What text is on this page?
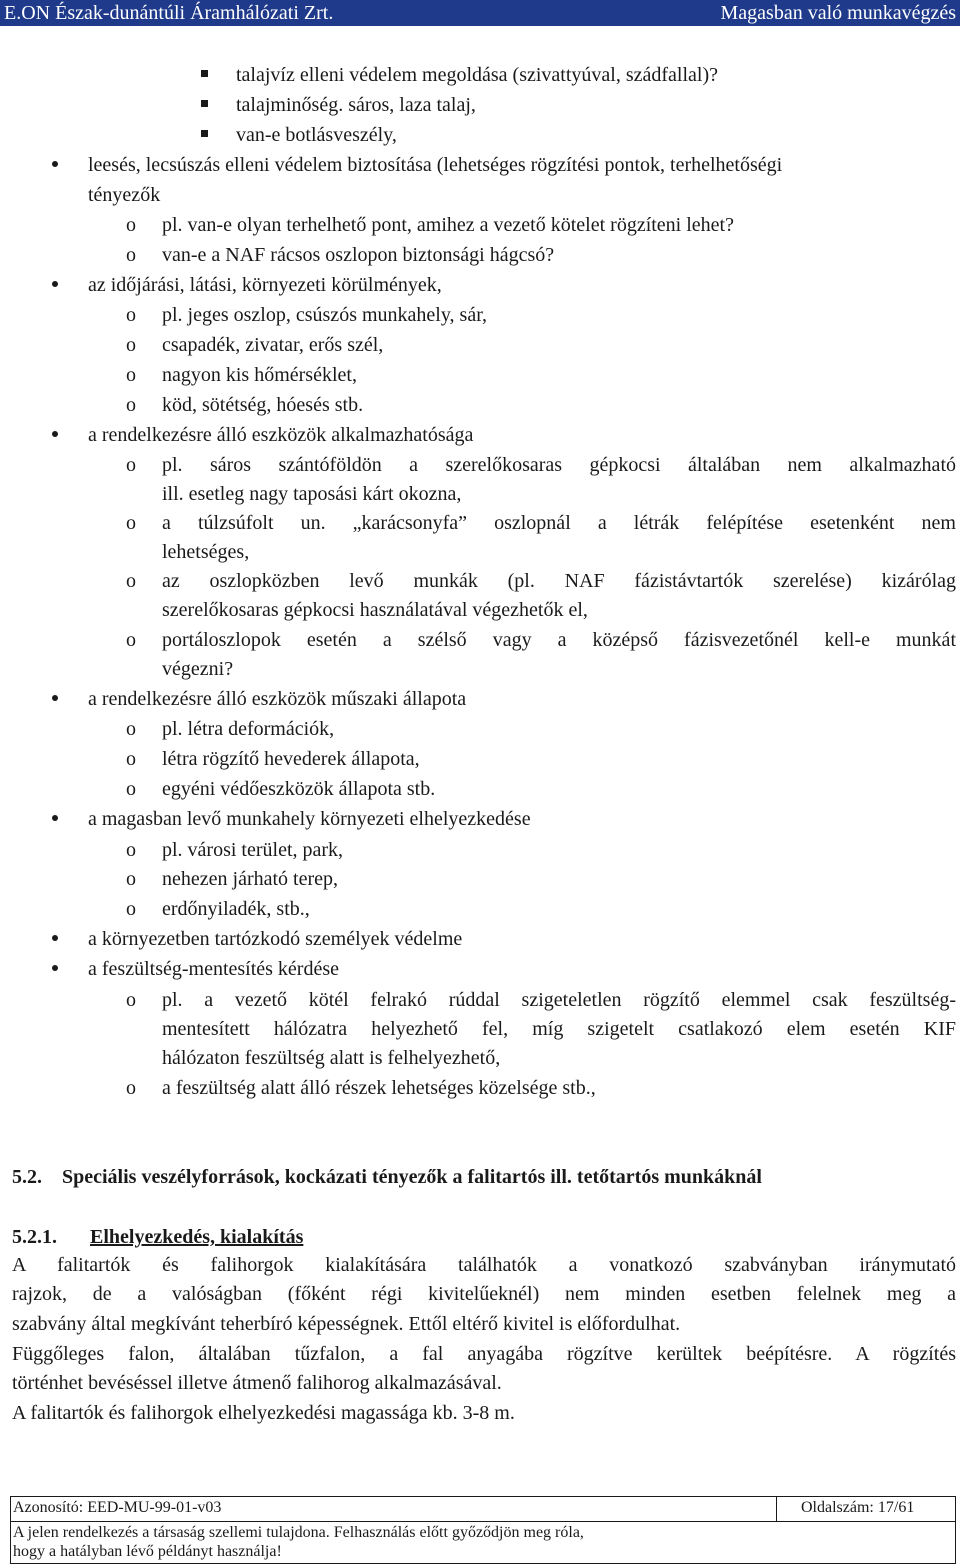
E.ON Észak-dunántúli Áramhálózati Zrt.	Magasban való munkavégzés
talajvíz elleni védelem megoldása (szivattyúval, szádfallal)?
talajminőség. sáros, laza talaj,
van-e botlásveszély,
leesés, lecsúszás elleni védelem biztosítása (lehetséges rögzítési pontok, terhelhetőségi
tényezők
o pl. van-e olyan terhelhető pont, amihez a vezető kötelet rögzíteni lehet?
o van-e a NAF rácsos oszlopon biztonsági hágcsó?
az időjárási, látási, környezeti körülmények,
o pl. jeges oszlop, csúszós munkahely, sár,
o csapadék, zivatar, erős szél,
o nagyon kis hőmérséklet,
o köd, sötétség, hóesés stb.
a rendelkezésre álló eszközök alkalmazhatósága
o pl. sáros szántóföldön a szerelőkosaras gépkocsi általában nem alkalmazható
ill. esetleg nagy taposási kárt okozna,
o a túlzsúfolt un. „karácsonyfa” oszlopnál a létrák felépítése esetenként nem
lehetséges,
o az oszlopközben levő munkák (pl. NAF fázistávtartók szerelése) kizárólag
szerelőkosaras gépkocsi használatával végezhetők el,
o portáloszlopok esetén a szélső vagy a középső fázisvezetőnél kell-e munkát
végezni?
a rendelkezésre álló eszközök műszaki állapota
o pl. létra deformációk,
o létra rögzítő hevederek állapota,
o egyéni védőeszközök állapota stb.
a magasban levő munkahely környezeti elhelyezkedése
o pl. városi terület, park,
o nehezen járható terep,
o erdőnyiladék, stb.,
a környezetben tartózkodó személyek védelme
a feszültség-mentesítés kérdése
o pl. a vezető kötél felrakó rúddal szigeteletlen rögzítő elemmel csak feszültség-
mentesített hálózatra helyezhető fel, míg szigetelt csatlakozó elem esetén KIF
hálózaton feszültség alatt is felhelyezhető,
o a feszültség alatt álló részek lehetséges közelsége stb.,
5.2. Speciális veszélyforrások, kockázati tényezők a falitartós ill. tetőtartós munkáknál
5.2.1. Elhelyezkedés, kialakítás
A falitartók és falihorgok kialakítására találhatók a vonatkozó szabványban iránymutató
rajzok, de a valóságban (főként régi kivitelűeknél) nem minden esetben felelnek meg a
szabvány által megkívánt teherbíró képességnek. Ettől eltérő kivitel is előfordulhat.
Függőleges falon, általában tűzfalon, a fal anyagába rögzítve kerültek beépítésre. A rögzítés
történhet bevéséssel illetve átmenő falihorog alkalmazásával.
A falitartók és falihorgok elhelyezkedési magassága kb. 3-8 m.
Azonosító: EED-MU-99-01-v03	Oldalszám: 17/61
A jelen rendelkezés a társaság szellemi tulajdona. Felhasználás előtt győződjön meg róla,
hogy a hatályban lévő példányt használja!
